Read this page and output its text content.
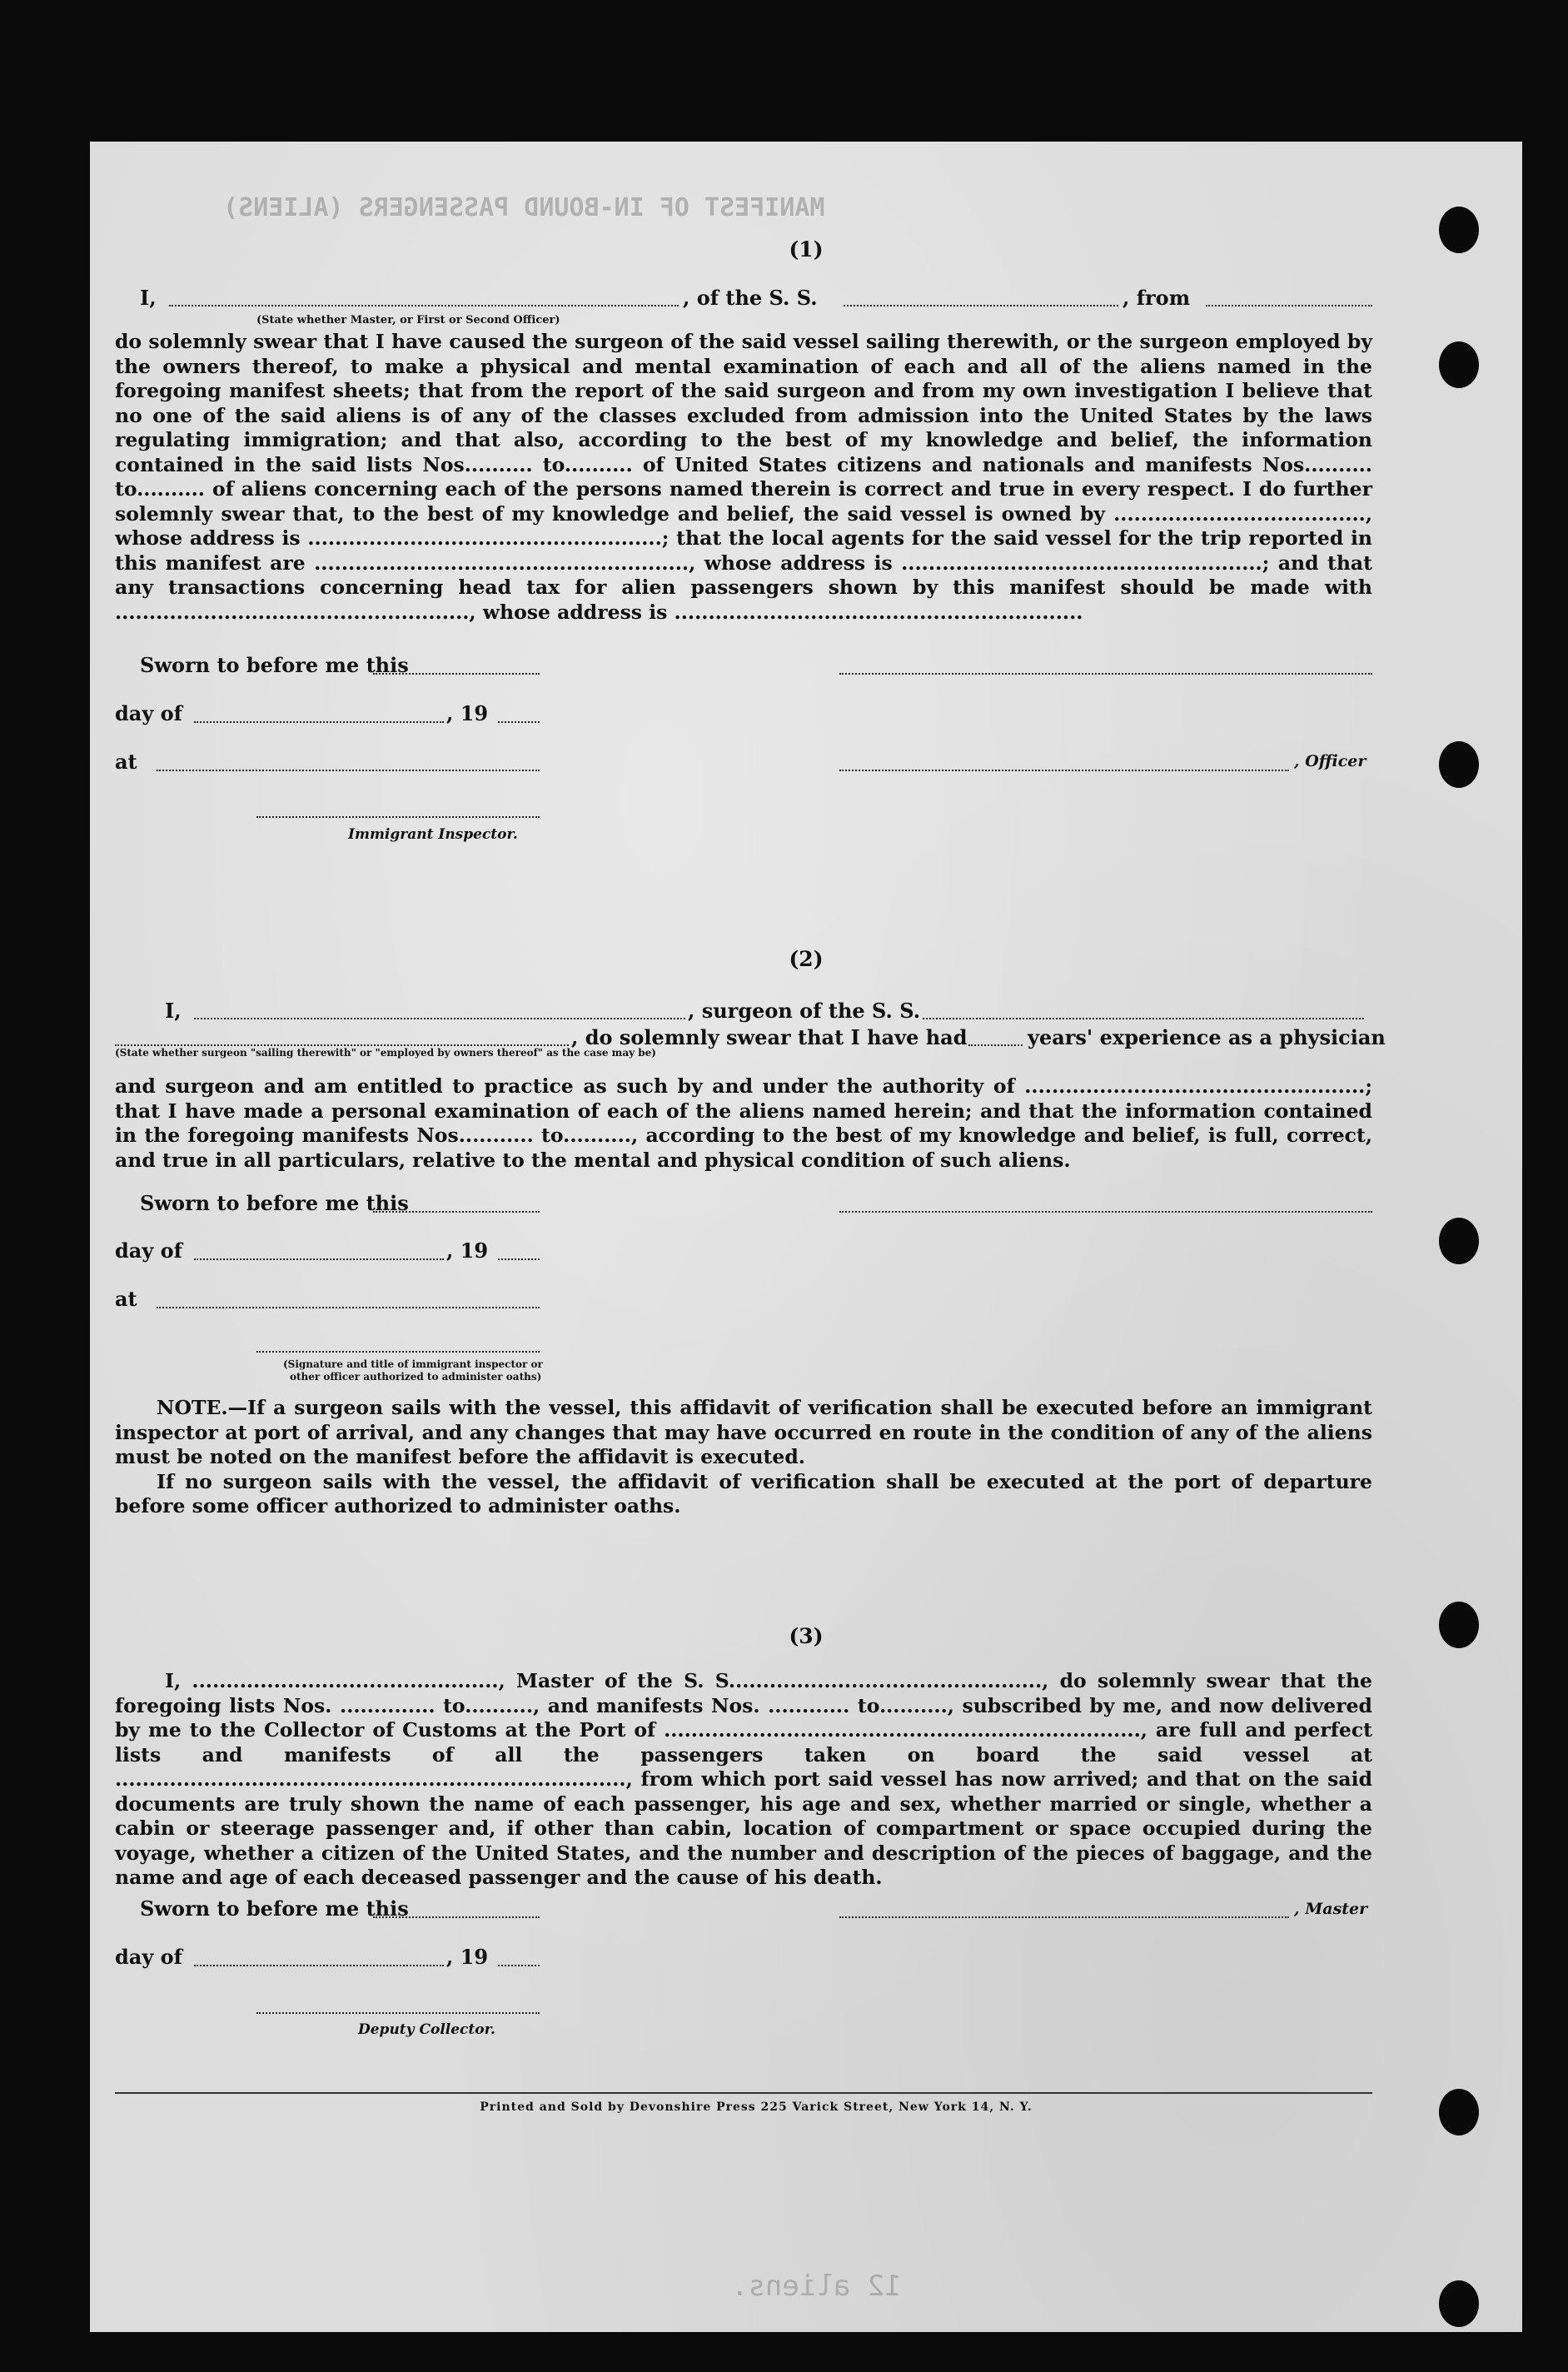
MANIFEST OF IN-BOUND PASSENGERS (ALIENS)
12 aliens.
(1)
I,	, of the S. S.	, from
(State whether Master, or First or Second Officer)
do solemnly swear that I have caused the surgeon of the said vessel sailing therewith, or the surgeon employed by the owners thereof, to make a physical and mental examination of each and all of the aliens named in the foregoing manifest sheets; that from the report of the said surgeon and from my own investigation I believe that no one of the said aliens is of any of the classes excluded from admission into the United States by the laws regulating immigration; and that also, according to the best of my knowledge and belief, the information contained in the said lists Nos.......... to.......... of United States citizens and nationals and manifests Nos.......... to.......... of aliens concerning each of the persons named therein is correct and true in every respect. I do further solemnly swear that, to the best of my knowledge and belief, the said vessel is owned by ....................................., whose address is ....................................................; that the local agents for the said vessel for the trip reported in this manifest are ......................................................., whose address is .....................................................; and that any transactions concerning head tax for alien passengers shown by this manifest should be made with ...................................................., whose address is ............................................................
Sworn to before me this
day of	, 19
at	, Officer
Immigrant Inspector.
(2)
I,	, surgeon of the S. S.
, do solemnly swear that I have had	years' experience as a physician
(State whether surgeon "sailing therewith" or "employed by owners thereof" as the case may be)
and surgeon and am entitled to practice as such by and under the authority of ..................................................; that I have made a personal examination of each of the aliens named herein; and that the information contained in the foregoing manifests Nos........... to.........., according to the best of my knowledge and belief, is full, correct, and true in all particulars, relative to the mental and physical condition of such aliens.
Sworn to before me this
day of	, 19
at
(Signature and title of immigrant inspector or
other officer authorized to administer oaths)

NOTE.—If a surgeon sails with the vessel, this affidavit of verification shall be executed before an immigrant inspector at port of arrival, and any changes that may have occurred en route in the condition of any of the aliens must be noted on the manifest before the affidavit is executed.

If no surgeon sails with the vessel, the affidavit of verification shall be executed at the port of departure before some officer authorized to administer oaths.

(3)
I, ............................................., Master of the S. S.............................................., do solemnly swear that the foregoing lists Nos. .............. to.........., and manifests Nos. ............ to.........., subscribed by me, and now delivered by me to the Collector of Customs at the Port of ......................................................................, are full and perfect lists and manifests of all the passengers taken on board the said vessel at ..........................................................................., from which port said vessel has now arrived; and that on the said documents are truly shown the name of each passenger, his age and sex, whether married or single, whether a cabin or steerage passenger and, if other than cabin, location of compartment or space occupied during the voyage, whether a citizen of the United States, and the number and description of the pieces of baggage, and the name and age of each deceased passenger and the cause of his death.
Sworn to before me this	, Master
day of	, 19
Deputy Collector.
Printed and Sold by Devonshire Press 225 Varick Street, New York 14, N. Y.
